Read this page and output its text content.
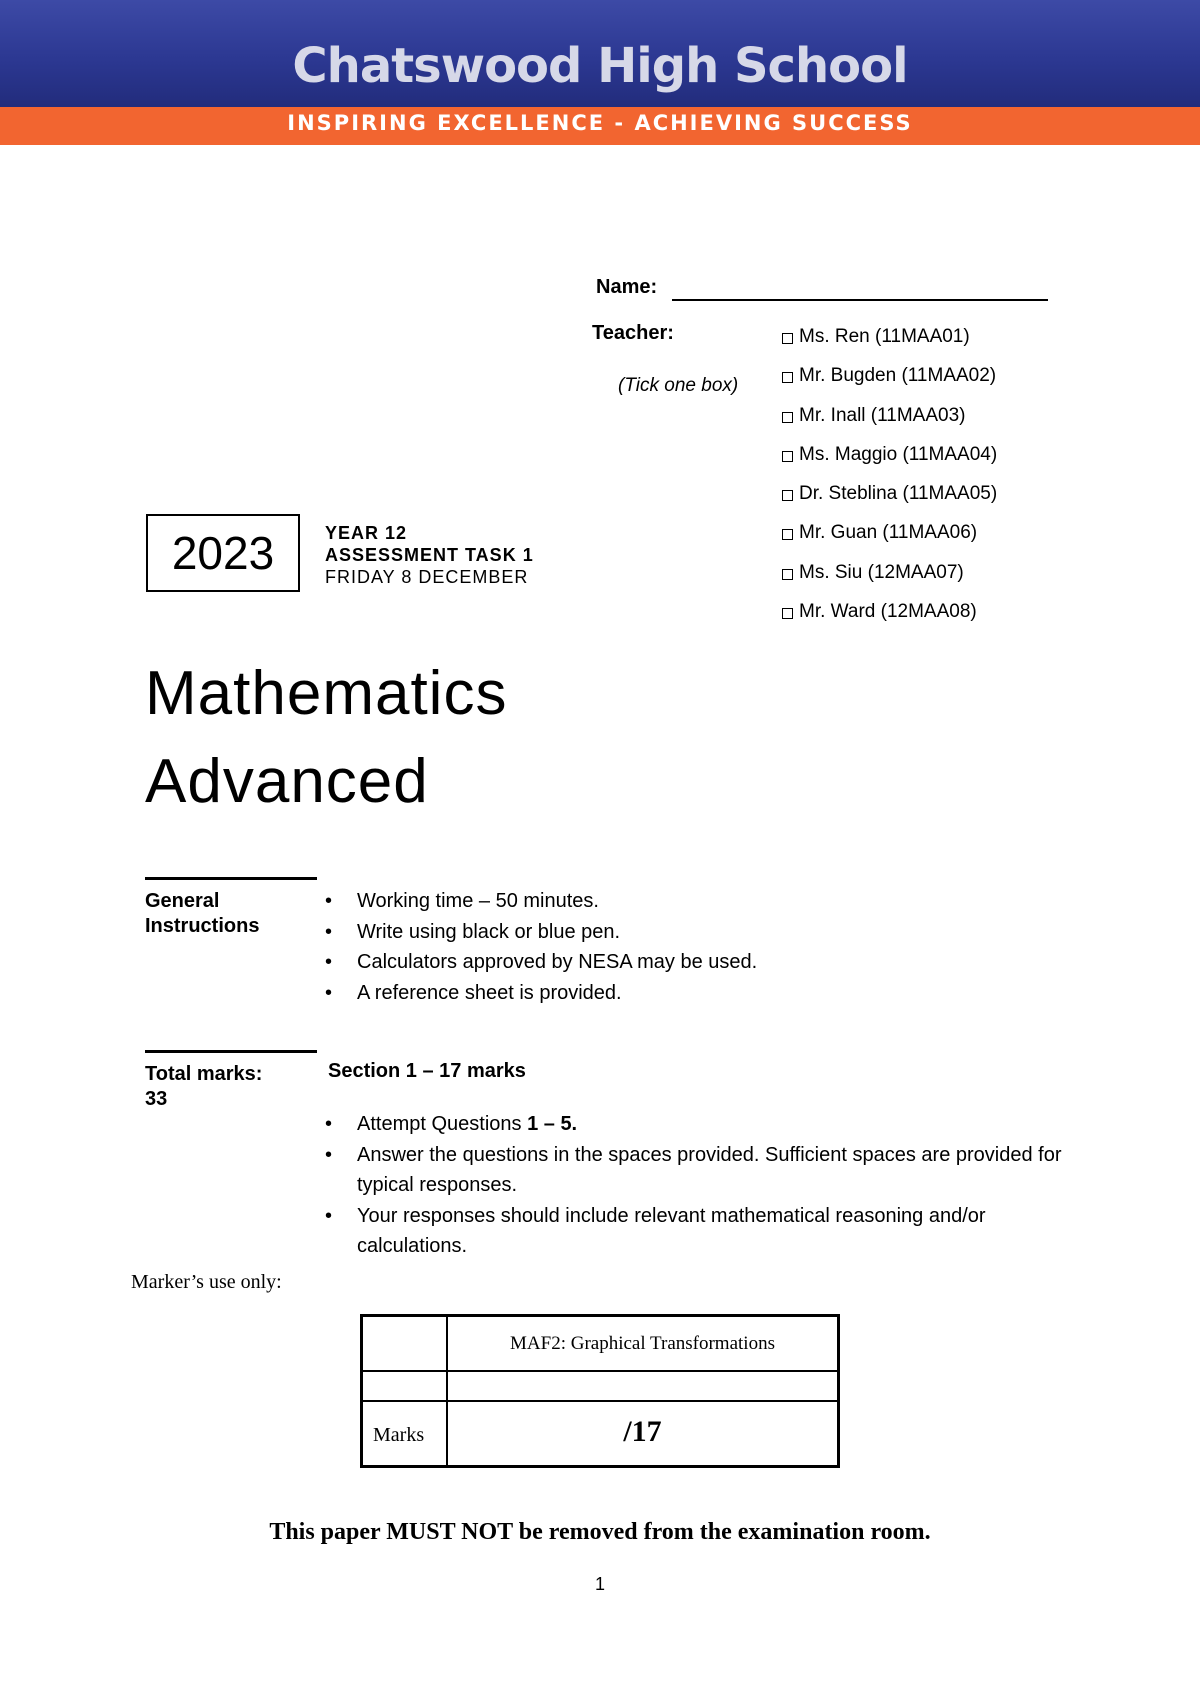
Chatswood High School
INSPIRING EXCELLENCE - ACHIEVING SUCCESS
Name:
Teacher:
(Tick one box)
Ms. Ren (11MAA01)
Mr. Bugden (11MAA02)
Mr. Inall (11MAA03)
Ms. Maggio (11MAA04)
Dr. Steblina (11MAA05)
Mr. Guan (11MAA06)
Ms. Siu (12MAA07)
Mr. Ward (12MAA08)
2023	YEAR 12
ASSESSMENT TASK 1
FRIDAY 8 DECEMBER
Mathematics
Advanced
General
Instructions
• Working time – 50 minutes.
• Write using black or blue pen.
• Calculators approved by NESA may be used.
• A reference sheet is provided.
Total marks:
33
Section 1 – 17 marks
• Attempt Questions 1 – 5.
• Answer the questions in the spaces provided. Sufficient spaces are provided for typical responses.
• Your responses should include relevant mathematical reasoning and/or calculations.
Marker’s use only:
MAF2: Graphical Transformations
Marks	/17
This paper MUST NOT be removed from the examination room.
1
